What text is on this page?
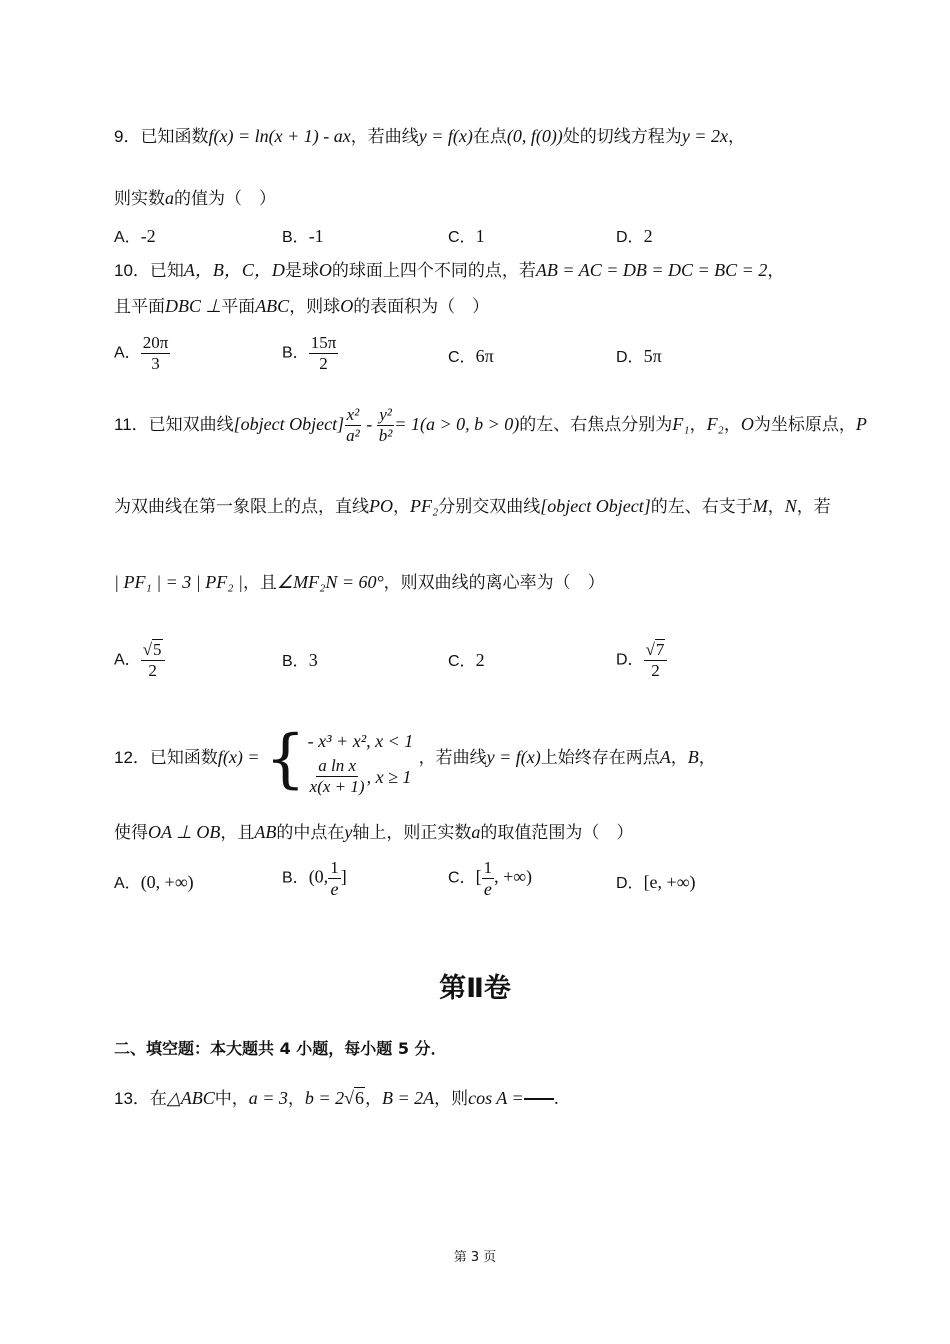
9．已知函数f(x) = ln(x + 1) - ax，若曲线y = f(x)在点(0, f(0))处的切线方程为y = 2x，
则实数a的值为（　）
A．-2	B．-1	C．1	D．2
10．已知A，B，C，D是球O的球面上四个不同的点，若AB = AC = DB = DC = BC = 2，
且平面DBC ⊥平面ABC，则球O的表面积为（　）
A． $\frac{20\pi}{3}$	B． $\frac{15\pi}{2}$	C．6π	D．5π
11．已知双曲线[object Object] $\frac{\text{x²}}{\text{a²}} - \frac{\text{y²}}{\text{b²}} = 1(a > 0$, b > 0)的左、右焦点分别为F₁，F₂，O为坐标原点，P
为双曲线在第一象限上的点，直线PO，PF₂分别交双曲线[object Object]的左、右支于M，N，若
| PF₁ | = 3 | PF₂ |，且∠MF₂N = 60°，则双曲线的离心率为（　）
A． $\frac{√5}{2}$	B．3	C．2	D． $\frac{√7}{2}$
12．已知函数f(x) = { - x³ + x², x < 1
$\frac{\text{a ln x}}{x(x + 1)}$ , x ≥ 1
，若曲线y = f(x)上始终存在两点A，B，
使得OA ⊥ OB，且AB的中点在y轴上，则正实数a的取值范围为（　）
A．(0, +∞)	B．(0, $\frac{1}{e}$ ]	C．[ $\frac{1}{e}$ , +∞)	D．[e, +∞)
第Ⅱ卷
二、填空题：本大题共 4 小题，每小题 5 分．
13．在△ABC中，a = 3，b = 2√6，B = 2A，则cos A = .
第 3 页
